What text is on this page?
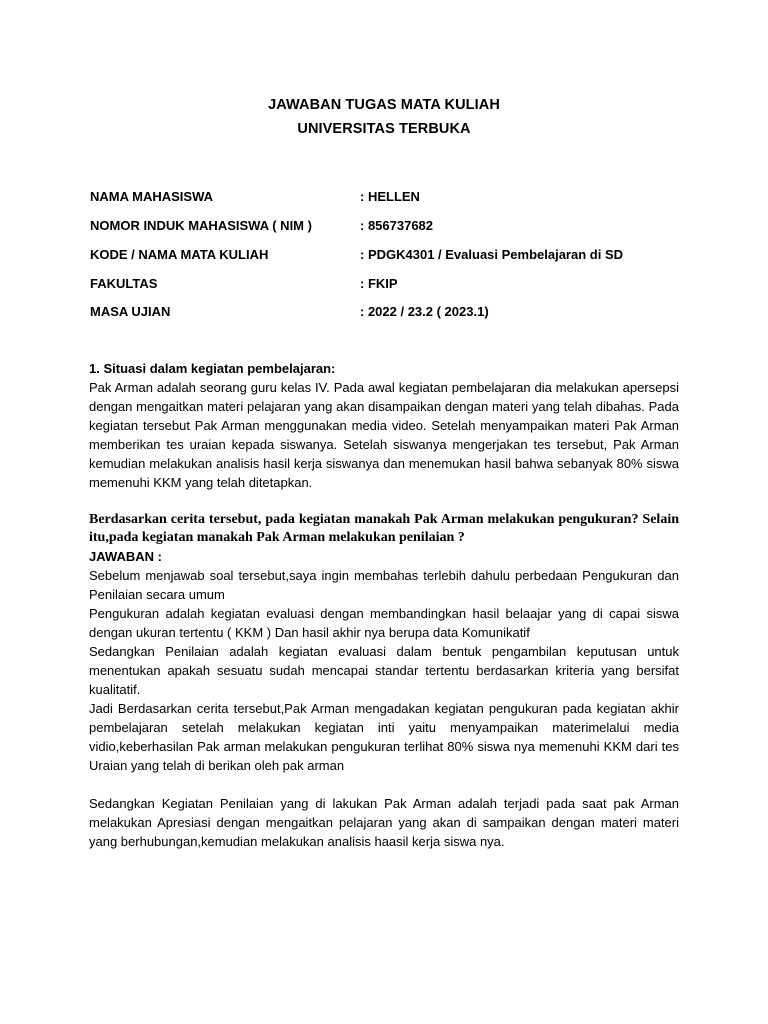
JAWABAN TUGAS MATA KULIAH
UNIVERSITAS TERBUKA
NAMA MAHASISWA	: HELLEN
NOMOR INDUK MAHASISWA ( NIM )	: 856737682
KODE / NAMA MATA KULIAH	: PDGK4301 / Evaluasi Pembelajaran di SD
FAKULTAS	: FKIP
MASA UJIAN	: 2022 / 23.2 ( 2023.1)

1. Situasi dalam kegiatan pembelajaran:

Pak Arman adalah seorang guru kelas IV. Pada awal kegiatan pembelajaran dia melakukan apersepsi dengan mengaitkan materi pelajaran yang akan disampaikan dengan materi yang telah dibahas. Pada kegiatan tersebut Pak Arman menggunakan media video. Setelah menyampaikan materi Pak Arman memberikan tes uraian kepada siswanya. Setelah siswanya mengerjakan tes tersebut, Pak Arman kemudian melakukan analisis hasil kerja siswanya dan menemukan hasil bahwa sebanyak 80% siswa memenuhi KKM yang telah ditetapkan.

Berdasarkan cerita tersebut, pada kegiatan manakah Pak Arman melakukan pengukuran? Selain itu,pada kegiatan manakah Pak Arman melakukan penilaian ?

JAWABAN :

Sebelum menjawab soal tersebut,saya ingin membahas terlebih dahulu perbedaan Pengukuran dan Penilaian secara umum

Pengukuran adalah kegiatan evaluasi dengan membandingkan hasil belaajar yang di capai siswa dengan ukuran tertentu ( KKM ) Dan hasil akhir nya berupa data Komunikatif

Sedangkan Penilaian adalah kegiatan evaluasi dalam bentuk pengambilan keputusan untuk menentukan apakah sesuatu sudah mencapai standar tertentu berdasarkan kriteria yang bersifat kualitatif.

Jadi Berdasarkan cerita tersebut,Pak Arman mengadakan kegiatan pengukuran pada kegiatan akhir pembelajaran setelah melakukan kegiatan inti yaitu menyampaikan materimelalui media vidio,keberhasilan Pak arman melakukan pengukuran terlihat 80% siswa nya memenuhi KKM dari tes Uraian yang telah di berikan oleh pak arman

Sedangkan Kegiatan Penilaian yang di lakukan Pak Arman adalah terjadi pada saat pak Arman melakukan Apresiasi dengan mengaitkan pelajaran yang akan di sampaikan dengan materi materi yang berhubungan,kemudian melakukan analisis haasil kerja siswa nya.
